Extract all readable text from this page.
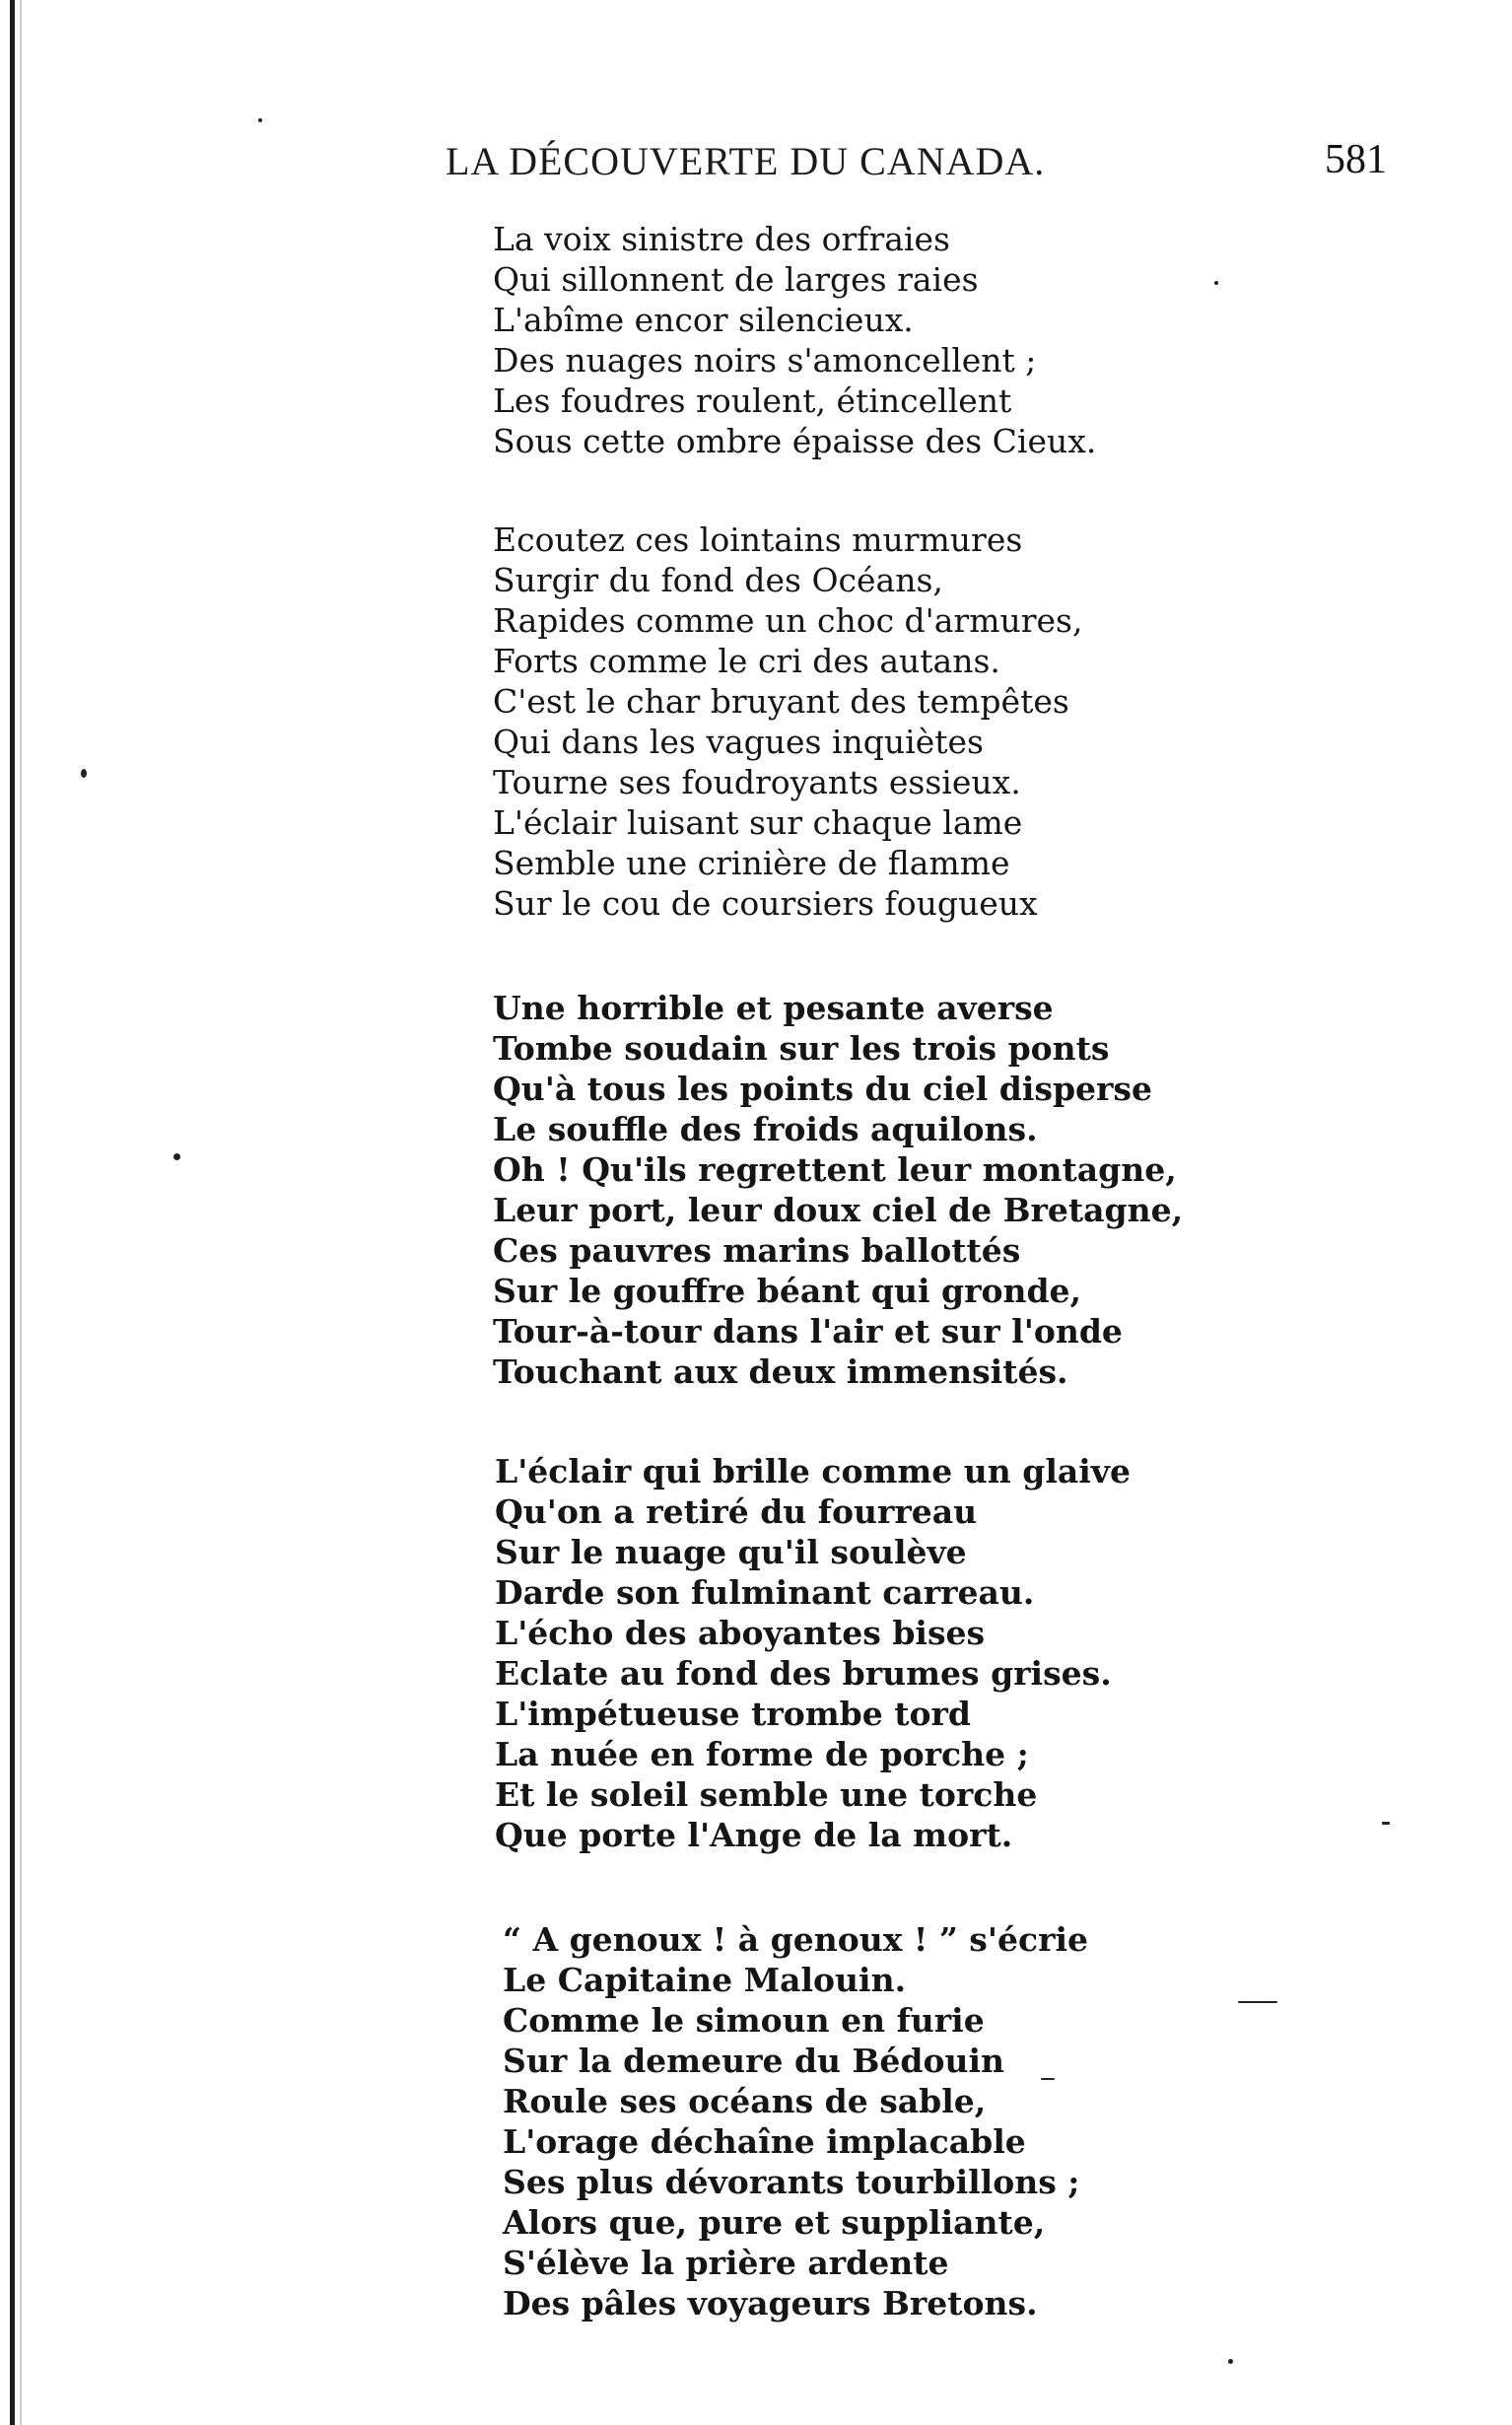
LA DÉCOUVERTE DU CANADA.	581
La voix sinistre des orfraies
Qui sillonnent de larges raies
L'abîme encor silencieux.
Des nuages noirs s'amoncellent ;
Les foudres roulent, étincellent
Sous cette ombre épaisse des Cieux.
Ecoutez ces lointains murmures
Surgir du fond des Océans,
Rapides comme un choc d'armures,
Forts comme le cri des autans.
C'est le char bruyant des tempêtes
Qui dans les vagues inquiètes
Tourne ses foudroyants essieux.
L'éclair luisant sur chaque lame
Semble une crinière de flamme
Sur le cou de coursiers fougueux
Une horrible et pesante averse
Tombe soudain sur les trois ponts
Qu'à tous les points du ciel disperse
Le souffle des froids aquilons.
Oh ! Qu'ils regrettent leur montagne,
Leur port, leur doux ciel de Bretagne,
Ces pauvres marins ballottés
Sur le gouffre béant qui gronde,
Tour-à-tour dans l'air et sur l'onde
Touchant aux deux immensités.
L'éclair qui brille comme un glaive
Qu'on a retiré du fourreau
Sur le nuage qu'il soulève
Darde son fulminant carreau.
L'écho des aboyantes bises
Eclate au fond des brumes grises.
L'impétueuse trombe tord
La nuée en forme de porche ;
Et le soleil semble une torche
Que porte l'Ange de la mort.
“ A genoux ! à genoux ! ” s'écrie
Le Capitaine Malouin.
Comme le simoun en furie
Sur la demeure du Bédouin
Roule ses océans de sable,
L'orage déchaîne implacable
Ses plus dévorants tourbillons ;
Alors que, pure et suppliante,
S'élève la prière ardente
Des pâles voyageurs Bretons.
